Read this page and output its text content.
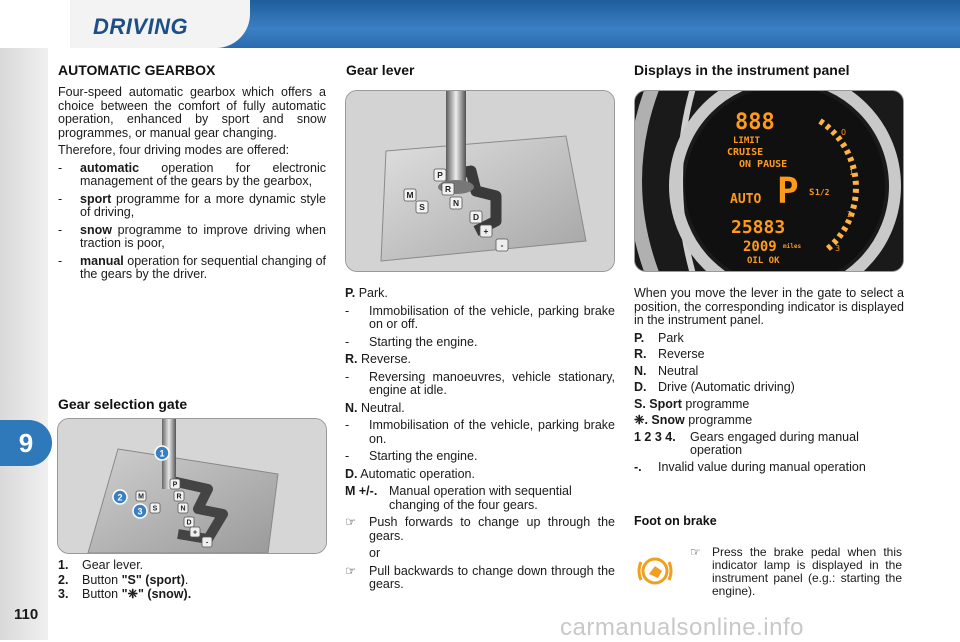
DRIVING
9
110	carmanualsonline.info
AUTOMATIC GEARBOX

Four-speed automatic gearbox which offers a choice between the comfort of fully automatic operation, enhanced by sport and snow programmes, or manual gear changing.

Therefore, four driving modes are offered:

- automatic operation for electronic management of the gears by the gearbox,
- sport programme for a more dynamic style of driving,
- snow programme to improve driving when traction is poor,
- manual operation for sequential changing of the gears by the driver.
Gear selection gate
M
S
P
R
N
D
+
-
1
2
3
1. Gear lever.
2. Button "S" (sport).
3. Button "❈" (snow).
Gear lever
M
S
P
R
N
D
+
-
P. Park.
- Immobilisation of the vehicle, parking brake on or off.
- Starting the engine.
R. Reverse.
- Reversing manoeuvres, vehicle stationary, engine at idle.
N. Neutral.
- Immobilisation of the vehicle, parking brake on.
- Starting the engine.
D. Automatic operation.
M +/-. Manual operation with sequential changing of the four gears.
☞ Push forwards to change up through the gears.
or
☞ Pull backwards to change down through the gears.
Displays in the instrument panel
888
LIMIT
CRUISE
ON PAUSE
AUTO P S 1/2
25883
2009 miles
OIL OK
0
1
2
3

When you move the lever in the gate to select a position, the corresponding indicator is displayed in the instrument panel.

P. Park
R. Reverse
N. Neutral
D. Drive (Automatic driving)
S. Sport programme
❈. Snow programme
1 2 3 4. Gears engaged during manual operation
-. Invalid value during manual operation
Foot on brake
☞ Press the brake pedal when this indicator lamp is displayed in the instrument panel (e.g.: starting the engine).
